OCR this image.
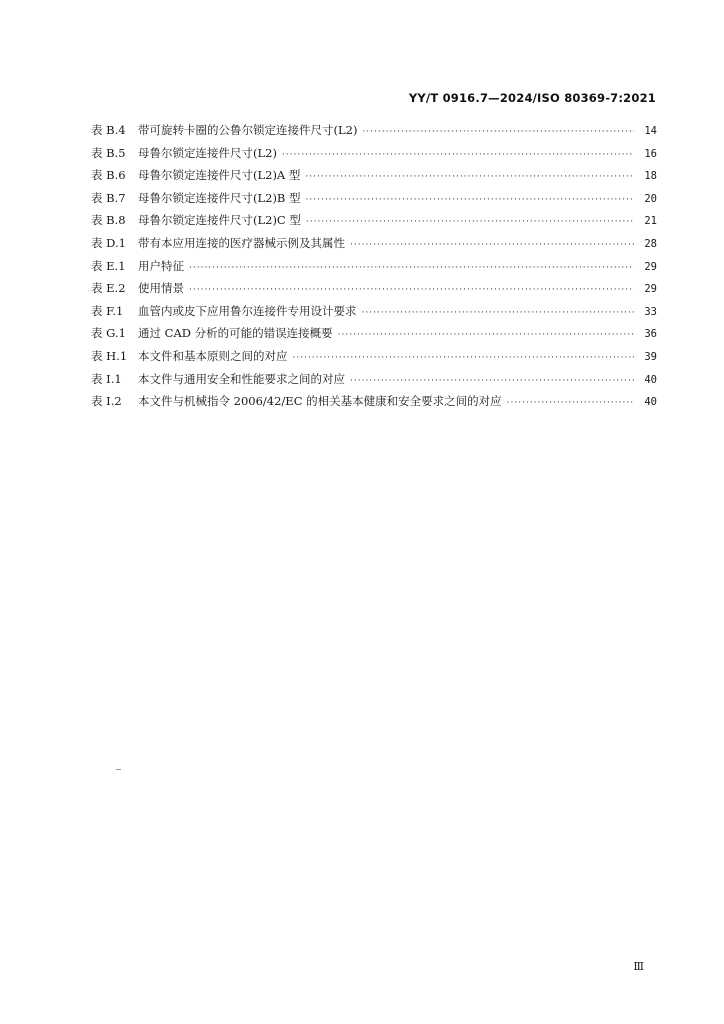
YY/T 0916.7—2024/ISO 80369-7:2021
表 B.4	带可旋转卡圈的公鲁尔锁定连接件尺寸(L2) ·····	14
表 B.5	母鲁尔锁定连接件尺寸(L2) ·····	16
表 B.6	母鲁尔锁定连接件尺寸(L2)A 型 ·····	18
表 B.7	母鲁尔锁定连接件尺寸(L2)B 型 ·····	20
表 B.8	母鲁尔锁定连接件尺寸(L2)C 型 ·····	21
表 D.1	带有本应用连接的医疗器械示例及其属性 ·····	28
表 E.1	用户特征 ·····	29
表 E.2	使用情景 ·····	29
表 F.1	血管内或皮下应用鲁尔连接件专用设计要求 ·····	33
表 G.1	通过 CAD 分析的可能的错误连接概要 ·····	36
表 H.1 本文件和基本原则之间的对应 ·····	39
表 I.1	本文件与通用安全和性能要求之间的对应 ·····	40
表 I.2	本文件与机械指令 2006/42/EC 的相关基本健康和安全要求之间的对应 ·····	40
Ⅲ
